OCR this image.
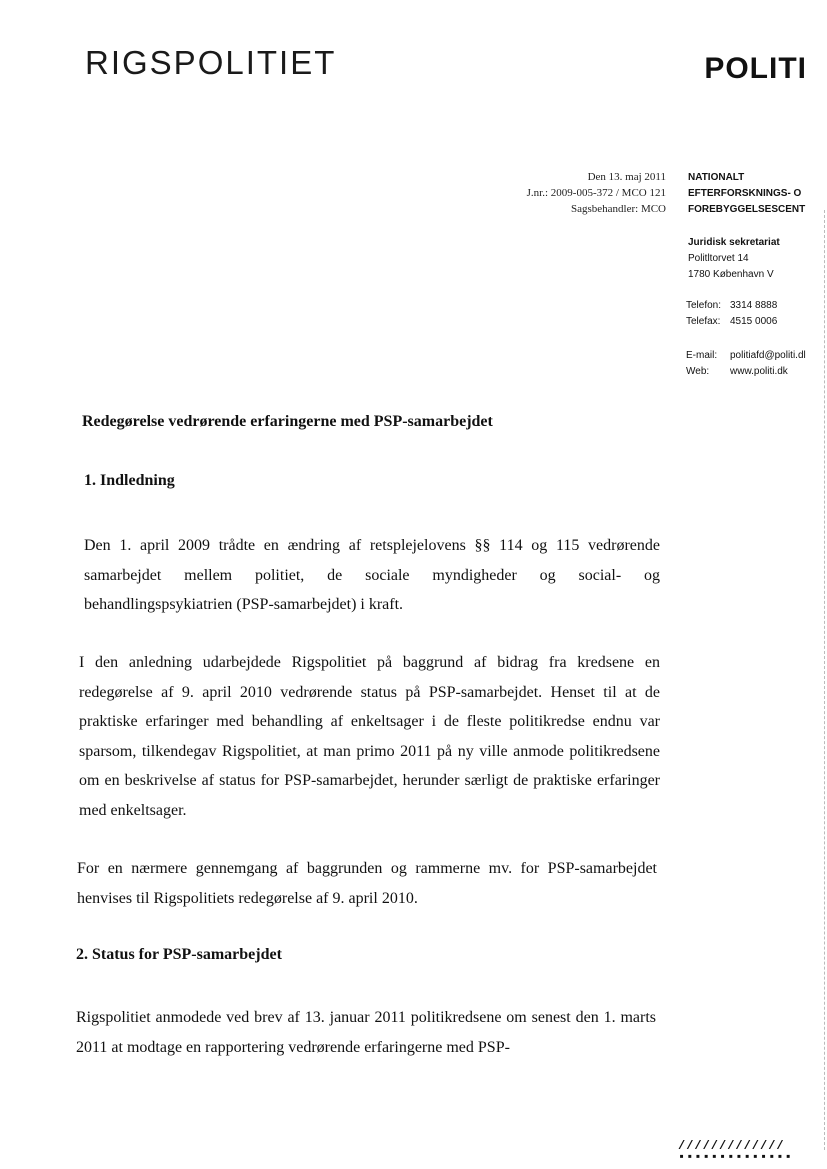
RIGSPOLITIET	POLITI
Den 13. maj 2011
J.nr.: 2009-005-372 / MCO 121
Sagsbehandler: MCO
NATIONALT
EFTERFORSKNINGS- O
FOREBYGGELSESCENT
Juridisk sekretariat
Politltorvet 14
1780 København V
Telefon: 3314 8888
Telefax: 4515 0006
E-mail: politiafd@politi.dl
Web: www.politi.dk
Redegørelse vedrørende erfaringerne med PSP-samarbejdet
1. Indledning
Den 1. april 2009 trådte en ændring af retsplejelovens §§ 114 og 115 vedrørende samarbejdet mellem politiet, de sociale myndigheder og social- og behandlingspsykiatrien (PSP-samarbejdet) i kraft.
I den anledning udarbejdede Rigspolitiet på baggrund af bidrag fra kredsene en redegørelse af 9. april 2010 vedrørende status på PSP-samarbejdet. Henset til at de praktiske erfaringer med behandling af enkeltsager i de fleste politikredse endnu var sparsom, tilkendegav Rigspolitiet, at man primo 2011 på ny ville anmode politikredsene om en beskrivelse af status for PSP-samarbejdet, herunder særligt de praktiske erfaringer med enkeltsager.
For en nærmere gennemgang af baggrunden og rammerne mv. for PSP-samarbejdet henvises til Rigspolitiets redegørelse af 9. april 2010.
2. Status for PSP-samarbejdet
Rigspolitiet anmodede ved brev af 13. januar 2011 politikredsene om senest den 1. marts 2011 at modtage en rapportering vedrørende erfaringerne med PSP-
/////////////
▪▪▪▪▪▪▪▪▪▪▪▪▪▪
